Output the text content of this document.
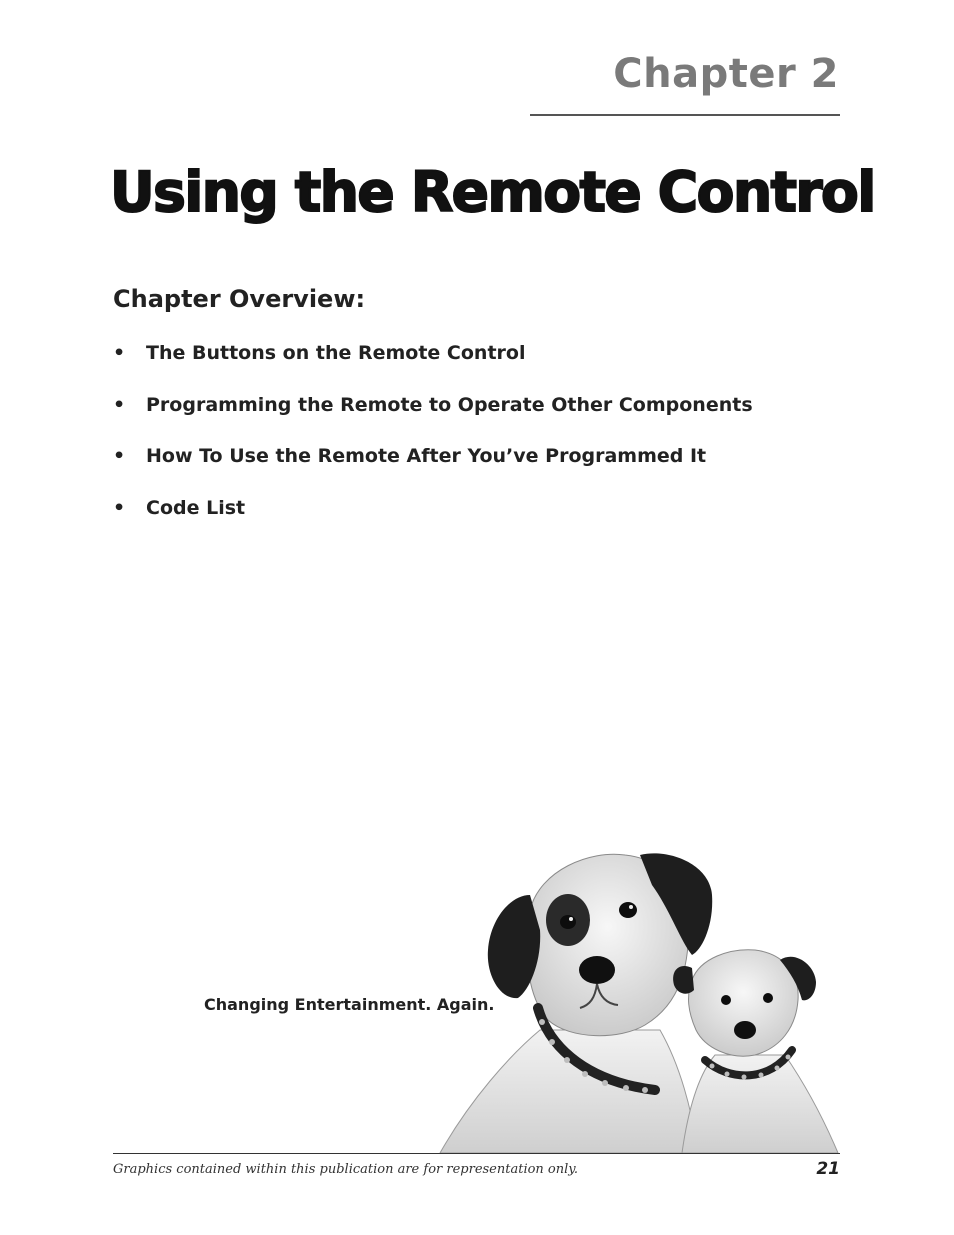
Chapter 2
Using the Remote Control
Chapter Overview:
•	The Buttons on the Remote Control
•	Programming the Remote to Operate Other Components
•	How To Use the Remote After You’ve Programmed It
•	Code List
Changing Entertainment. Again.
Graphics contained within this publication are for representation only.	21
